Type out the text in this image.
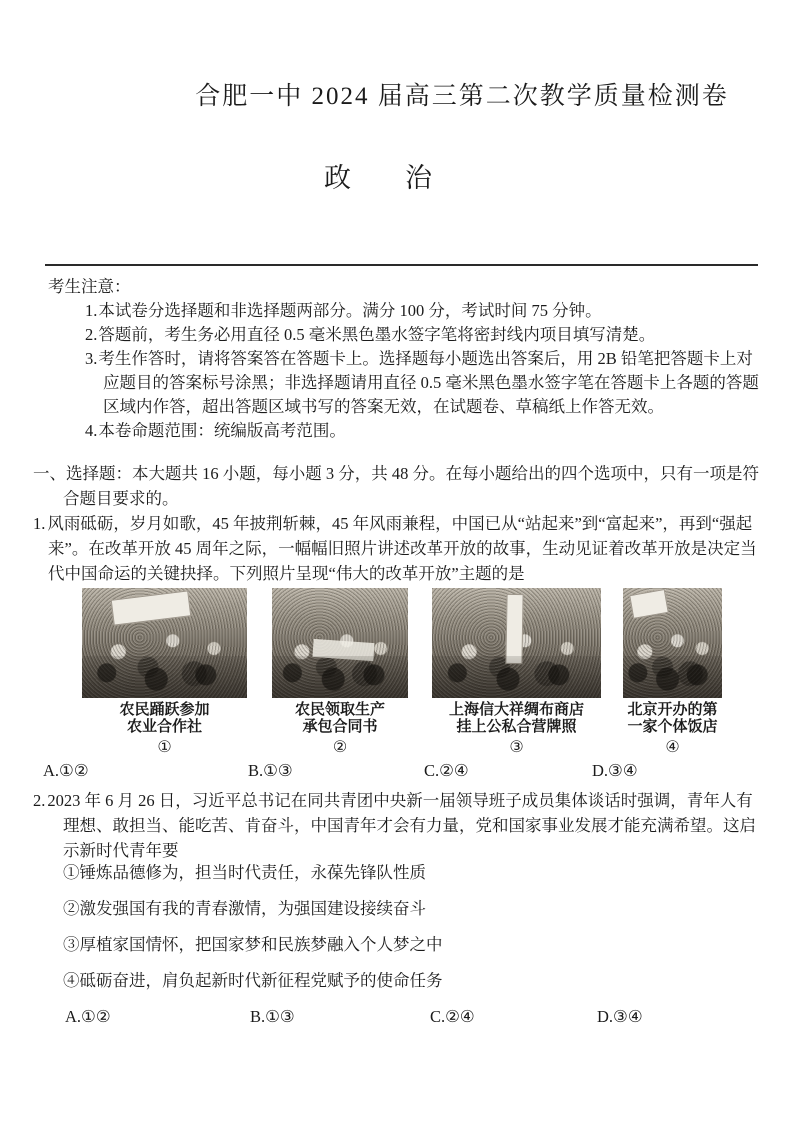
合肥一中 2024 届高三第二次教学质量检测卷
政　　治
考生注意：
1.本试卷分选择题和非选择题两部分。满分 100 分，考试时间 75 分钟。
2.答题前，考生务必用直径 0.5 毫米黑色墨水签字笔将密封线内项目填写清楚。
3.考生作答时，请将答案答在答题卡上。选择题每小题选出答案后，用 2B 铅笔把答题卡上对应题目的答案标号涂黑；非选择题请用直径 0.5 毫米黑色墨水签字笔在答题卡上各题的答题区域内作答，超出答题区域书写的答案无效，在试题卷、草稿纸上作答无效。
4.本卷命题范围：统编版高考范围。
一、选择题：本大题共 16 小题，每小题 3 分，共 48 分。在每小题给出的四个选项中，只有一项是符合题目要求的。

1. 风雨砥砺，岁月如歌，45 年披荆斩棘，45 年风雨兼程，中国已从“站起来”到“富起来”，再到“强起来”。在改革开放 45 周年之际，一幅幅旧照片讲述改革开放的故事，生动见证着改革开放是决定当代中国命运的关键抉择。下列照片呈现“伟大的改革开放”主题的是

农民踊跃参加
农业合作社
①
农民领取生产
承包合同书
②
上海信大祥绸布商店
挂上公私合营牌照
③
北京开办的第
一家个体饭店
④
A.①②	B.①③	C.②④	D.③④

2. 2023 年 6 月 26 日，习近平总书记在同共青团中央新一届领导班子成员集体谈话时强调，青年人有理想、敢担当、能吃苦、肯奋斗，中国青年才会有力量，党和国家事业发展才能充满希望。这启示新时代青年要

①锤炼品德修为，担当时代责任，永葆先锋队性质
②激发强国有我的青春激情，为强国建设接续奋斗
③厚植家国情怀，把国家梦和民族梦融入个人梦之中
④砥砺奋进，肩负起新时代新征程党赋予的使命任务
A.①②	B.①③	C.②④	D.③④
